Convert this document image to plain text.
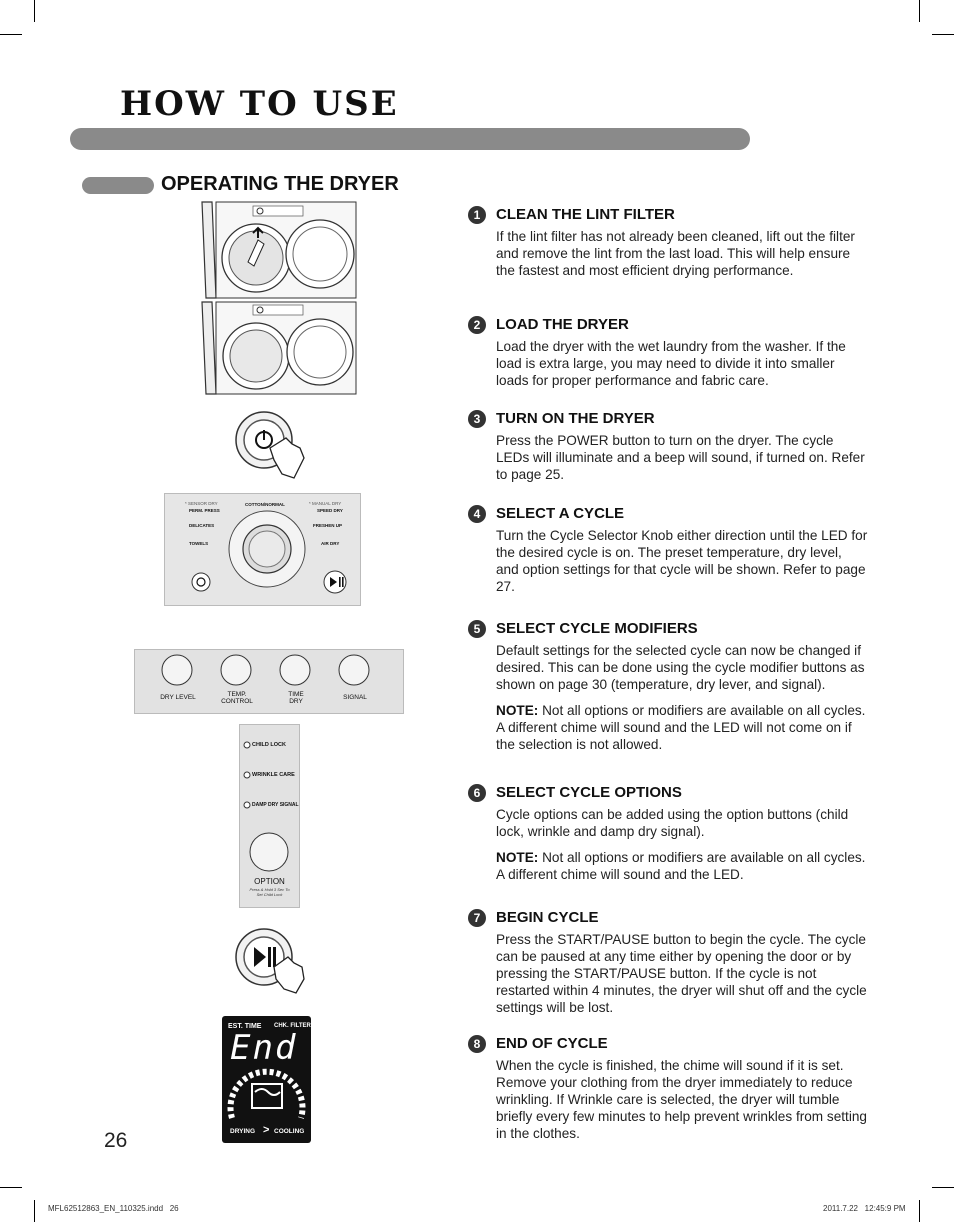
HOW TO USE
OPERATING THE DRYER
1	CLEAN THE LINT FILTER
If the lint filter has not already been cleaned, lift out the filter and remove the lint from the last load. This will help ensure the fastest and most efficient drying performance.
2	LOAD THE DRYER
Load the dryer with the wet laundry from the washer. If the load is extra large, you may need to divide it into smaller loads for proper performance and fabric care.
3	TURN ON THE DRYER
Press the POWER button to turn on the dryer. The cycle LEDs will illuminate and a beep will sound, if turned on. Refer to page 25.
4	SELECT A CYCLE
Turn the Cycle Selector Knob either direction until the LED for the desired cycle is on. The preset temperature, dry level, and option settings for that cycle will be shown. Refer to page 27.
5	SELECT CYCLE MODIFIERS
Default settings for the selected cycle can now be changed if desired. This can be done using the cycle modifier buttons as shown on page 30 (temperature, dry lever, and signal).
NOTE: Not all options or modifiers are available on all cycles. A different chime will sound and the LED will not come on if the selection is not allowed.
6	SELECT CYCLE OPTIONS
Cycle options can be added using the option buttons (child lock, wrinkle and damp dry signal).
NOTE: Not all options or modifiers are available on all cycles. A different chime will sound and the LED.
7	BEGIN CYCLE
Press the START/PAUSE button to begin the cycle. The cycle can be paused at any time either by opening the door or by pressing the START/PAUSE button. If the cycle is not restarted within 4 minutes, the dryer will shut off and the cycle settings will be lost.
8	END OF CYCLE
When the cycle is finished, the chime will sound if it is set. Remove your clothing from the dryer immediately to reduce wrinkling. If Wrinkle care is selected, the dryer will tumble briefly every few minutes to help prevent wrinkles from setting in the clothes.
* SENSOR DRY	COTTON/NORMAL	* MANUAL DRY
PERM. PRESS
DELICATES
TOWELS
SPEED DRY
FRESHEN UP
AIR DRY
DRY LEVEL	TEMP.
CONTROL
TIME
DRY
SIGNAL
CHILD LOCK
WRINKLE CARE
DAMP DRY SIGNAL
OPTION
Press & Hold 3 Sec To Set Child Lock
EST. TIME CHK. FILTER
End
DRYING > COOLING
26
MFL62512863_EN_110325.indd   26	2011.7.22   12:45:9 PM
